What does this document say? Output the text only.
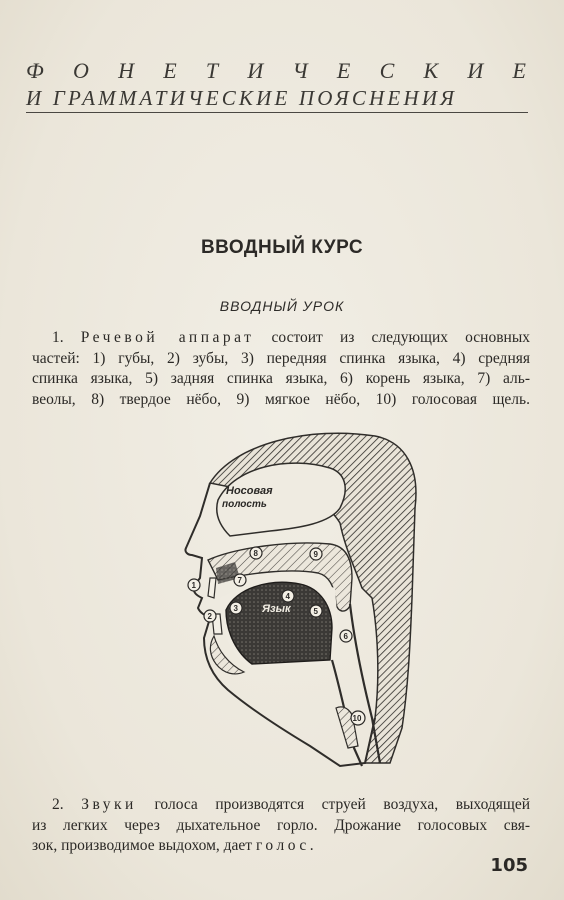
Ф О Н Е Т И Ч Е С К И Е
И ГРАММАТИЧЕСКИЕ ПОЯСНЕНИЯ
ВВОДНЫЙ КУРС
ВВОДНЫЙ УРОК
1. Речевой аппарат состоит из следующих основных
частей: 1) губы, 2) зубы, 3) передняя спинка языка, 4) средняя
спинка языка, 5) задняя спинка языка, 6) корень языка, 7) аль-
веолы, 8) твердое нёбо, 9) мягкое нёбо, 10) голосовая щель.
Носовая
полость
Язык
1
2
3
4
5
6
7
8	9
10
2. Звуки голоса производятся струей воздуха, выходящей
из легких через дыхательное горло. Дрожание голосовых свя-
зок, производимое выдохом, дает голос.
105
